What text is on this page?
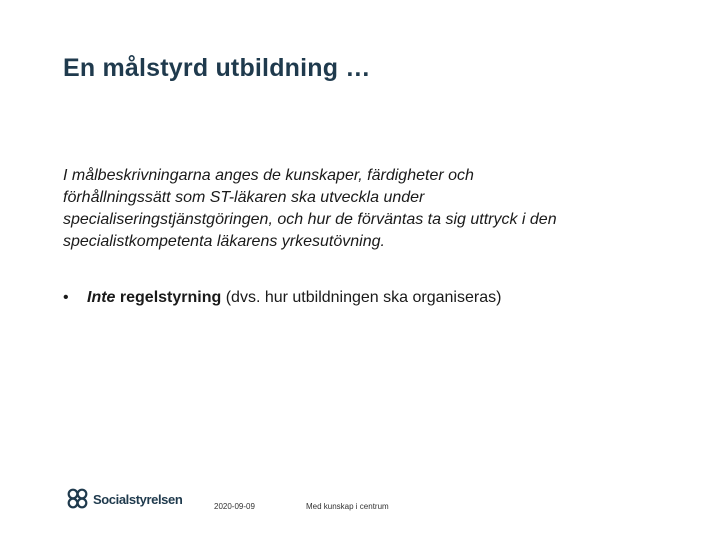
En målstyrd utbildning …
I målbeskrivningarna anges de kunskaper, färdigheter och
förhållningssätt som ST-läkaren ska utveckla under
specialiseringstjänstgöringen, och hur de förväntas ta sig uttryck i den
specialistkompetenta läkarens yrkesutövning.
• Inte regelstyrning (dvs. hur utbildningen ska organiseras)
Socialstyrelsen	2020-09-09	Med kunskap i centrum
